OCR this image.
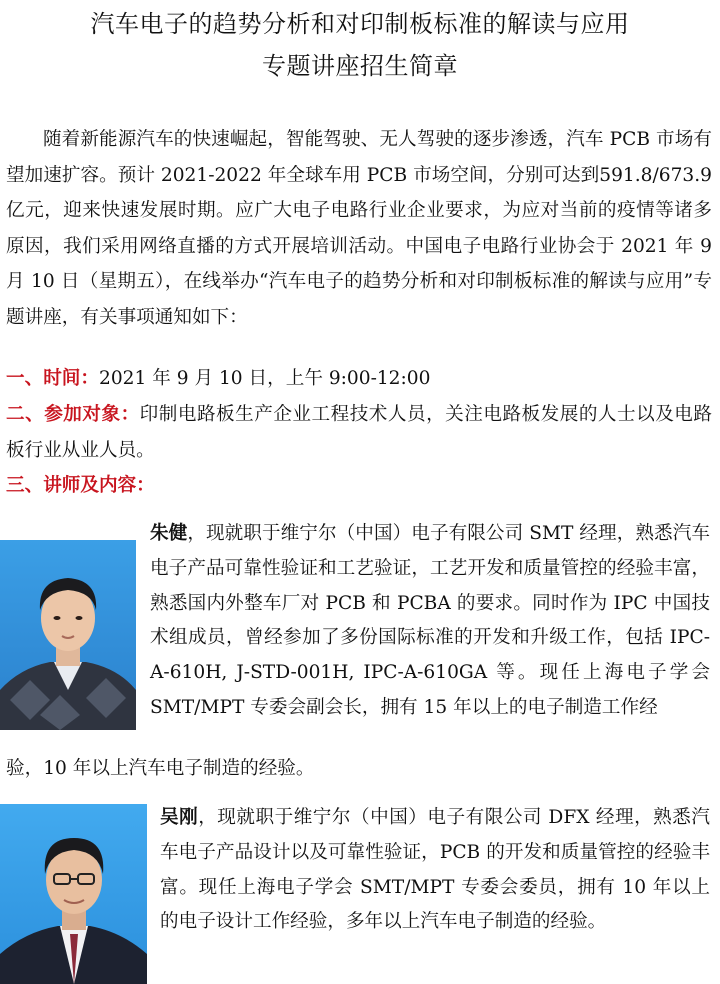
汽车电子的趋势分析和对印制板标准的解读与应用
专题讲座招生简章
随着新能源汽车的快速崛起，智能驾驶、无人驾驶的逐步渗透，汽车 PCB 市场有望加速扩容。预计 2021-2022 年全球车用 PCB 市场空间，分别可达到591.8/673.9 亿元，迎来快速发展时期。应广大电子电路行业企业要求，为应对当前的疫情等诸多原因，我们采用网络直播的方式开展培训活动。中国电子电路行业协会于 2021 年 9 月 10 日（星期五），在线举办“汽车电子的趋势分析和对印制板标准的解读与应用”专题讲座，有关事项通知如下：
一、时间：2021 年 9 月 10 日，上午 9:00-12:00
二、参加对象：印制电路板生产企业工程技术人员，关注电路板发展的人士以及电路板行业从业人员。
三、讲师及内容：
朱健，现就职于维宁尔（中国）电子有限公司 SMT 经理，熟悉汽车电子产品可靠性验证和工艺验证，工艺开发和质量管控的经验丰富，熟悉国内外整车厂对 PCB 和 PCBA 的要求。同时作为 IPC 中国技术组成员，曾经参加了多份国际标准的开发和升级工作，包括 IPC-A-610H, J-STD-001H, IPC-A-610GA 等。现任上海电子学会 SMT/MPT 专委会副会长，拥有 15 年以上的电子制造工作经
验，10 年以上汽车电子制造的经验。
吴刚，现就职于维宁尔（中国）电子有限公司 DFX 经理，熟悉汽车电子产品设计以及可靠性验证，PCB 的开发和质量管控的经验丰富。现任上海电子学会 SMT/MPT 专委会委员，拥有 10 年以上的电子设计工作经验，多年以上汽车电子制造的经验。
